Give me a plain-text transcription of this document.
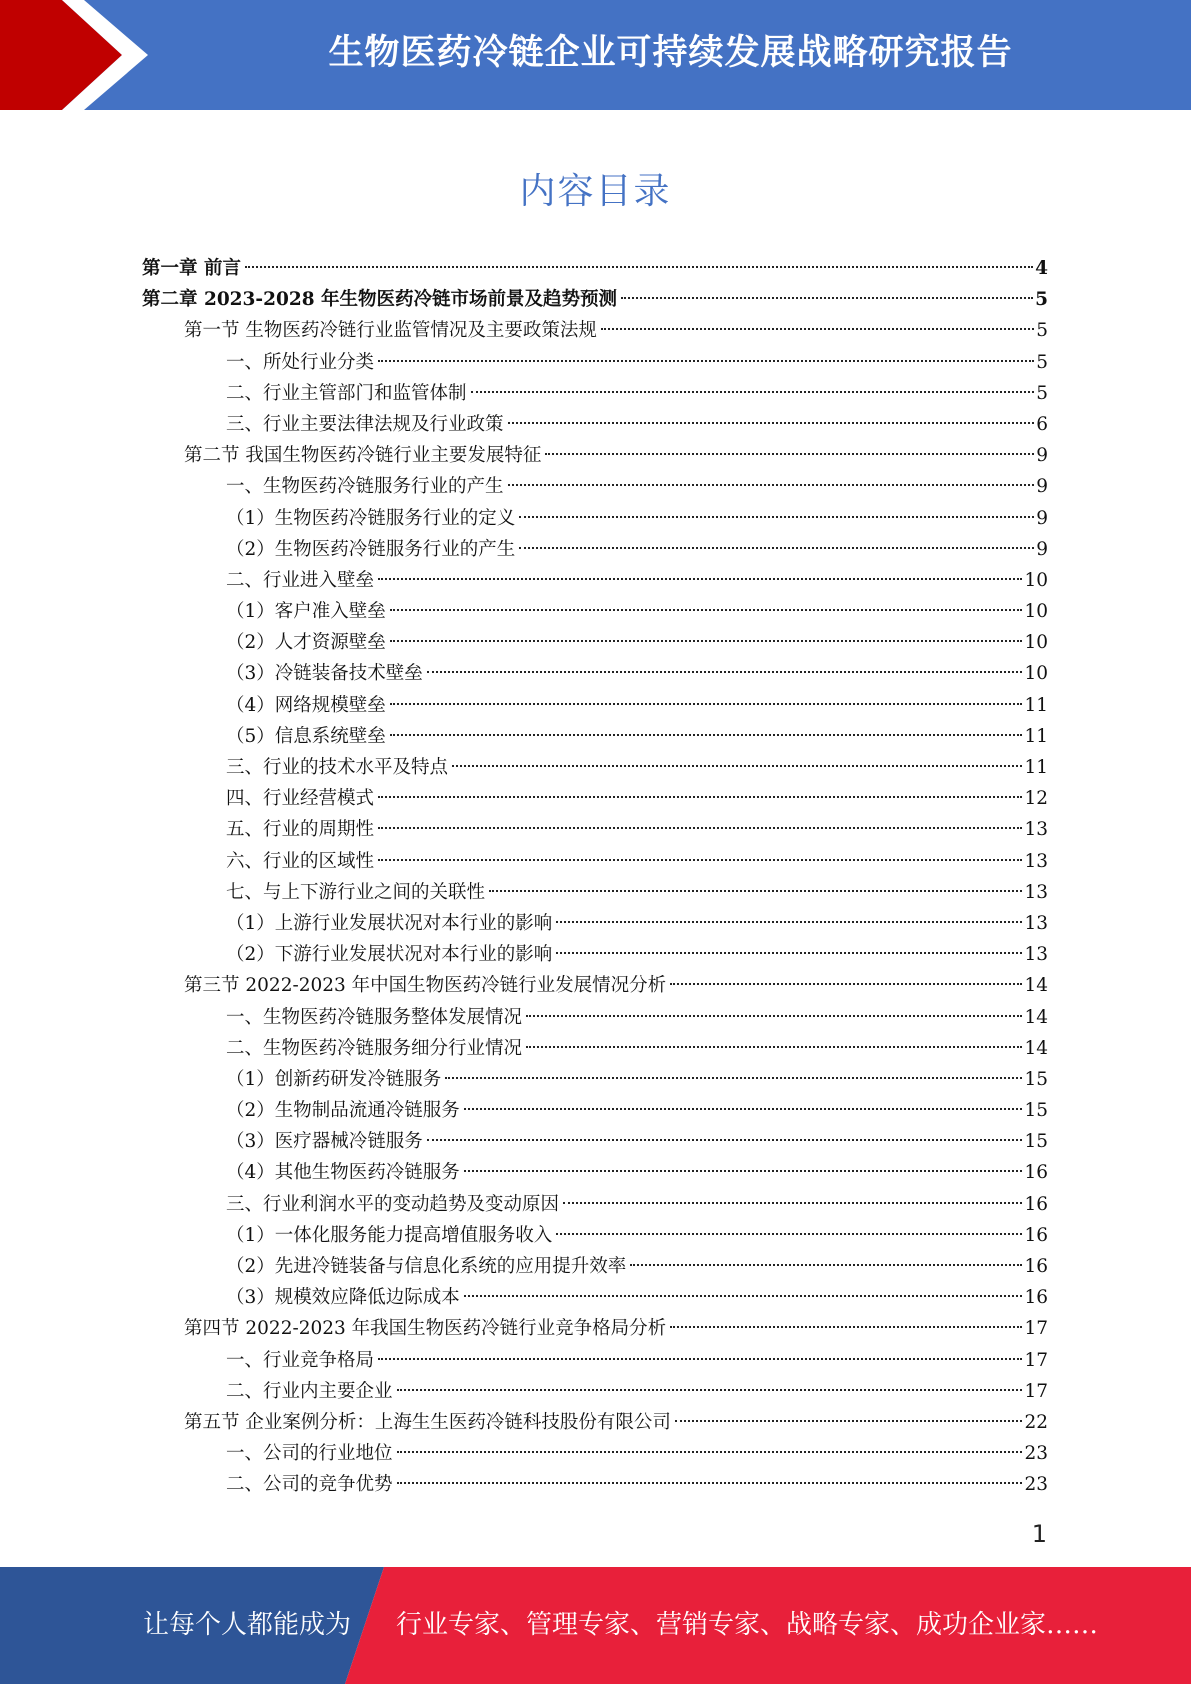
生物医药冷链企业可持续发展战略研究报告
内容目录
第一章 前言	4
第二章 2023-2028 年生物医药冷链市场前景及趋势预测	5
第一节 生物医药冷链行业监管情况及主要政策法规	5
一、所处行业分类	5
二、行业主管部门和监管体制	5
三、行业主要法律法规及行业政策	6
第二节 我国生物医药冷链行业主要发展特征	9
一、生物医药冷链服务行业的产生	9
（1）生物医药冷链服务行业的定义	9
（2）生物医药冷链服务行业的产生	9
二、行业进入壁垒	10
（1）客户准入壁垒	10
（2）人才资源壁垒	10
（3）冷链装备技术壁垒	10
（4）网络规模壁垒	11
（5）信息系统壁垒	11
三、行业的技术水平及特点	11
四、行业经营模式	12
五、行业的周期性	13
六、行业的区域性	13
七、与上下游行业之间的关联性	13
（1）上游行业发展状况对本行业的影响	13
（2）下游行业发展状况对本行业的影响	13
第三节 2022-2023 年中国生物医药冷链行业发展情况分析	14
一、生物医药冷链服务整体发展情况	14
二、生物医药冷链服务细分行业情况	14
（1）创新药研发冷链服务	15
（2）生物制品流通冷链服务	15
（3）医疗器械冷链服务	15
（4）其他生物医药冷链服务	16
三、行业利润水平的变动趋势及变动原因	16
（1）一体化服务能力提高增值服务收入	16
（2）先进冷链装备与信息化系统的应用提升效率	16
（3）规模效应降低边际成本	16
第四节 2022-2023 年我国生物医药冷链行业竞争格局分析	17
一、行业竞争格局	17
二、行业内主要企业	17
第五节 企业案例分析：上海生生医药冷链科技股份有限公司	22
一、公司的行业地位	23
二、公司的竞争优势	23
1
让每个人都能成为 行业专家、管理专家、营销专家、战略专家、成功企业家……
